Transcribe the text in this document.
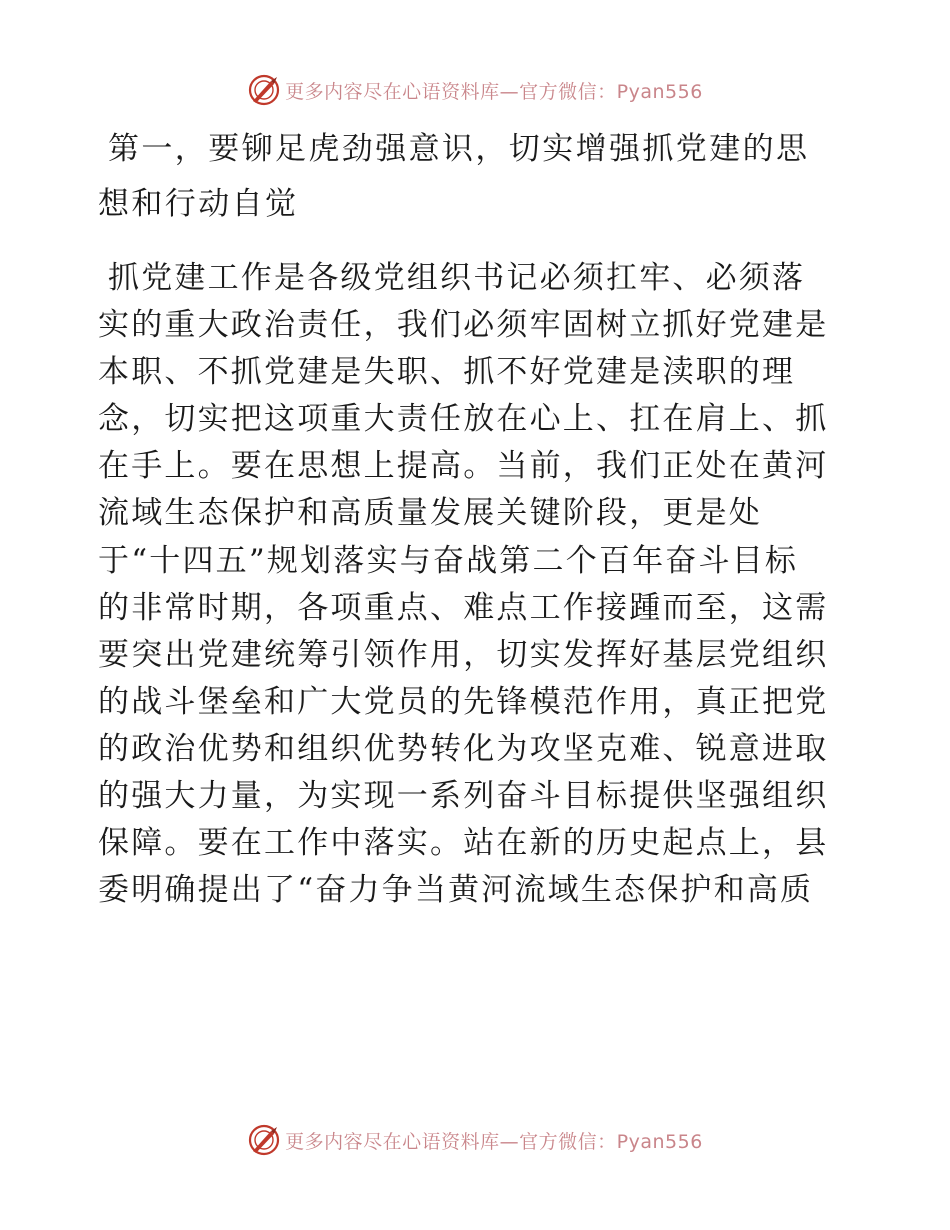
更多内容尽在心语资料库—官方微信：Pyan556
第一，要铆足虎劲强意识，切实增强抓党建的思
想和行动自觉

抓党建工作是各级党组织书记必须扛牢、必须落
实的重大政治责任，我们必须牢固树立抓好党建是
本职、不抓党建是失职、抓不好党建是渎职的理
念，切实把这项重大责任放在心上、扛在肩上、抓
在手上。要在思想上提高。当前，我们正处在黄河
流域生态保护和高质量发展关键阶段，更是处
于“十四五”规划落实与奋战第二个百年奋斗目标
的非常时期，各项重点、难点工作接踵而至，这需
要突出党建统筹引领作用，切实发挥好基层党组织
的战斗堡垒和广大党员的先锋模范作用，真正把党
的政治优势和组织优势转化为攻坚克难、锐意进取
的强大力量，为实现一系列奋斗目标提供坚强组织
保障。要在工作中落实。站在新的历史起点上，县
委明确提出了“奋力争当黄河流域生态保护和高质

更多内容尽在心语资料库—官方微信：Pyan556
